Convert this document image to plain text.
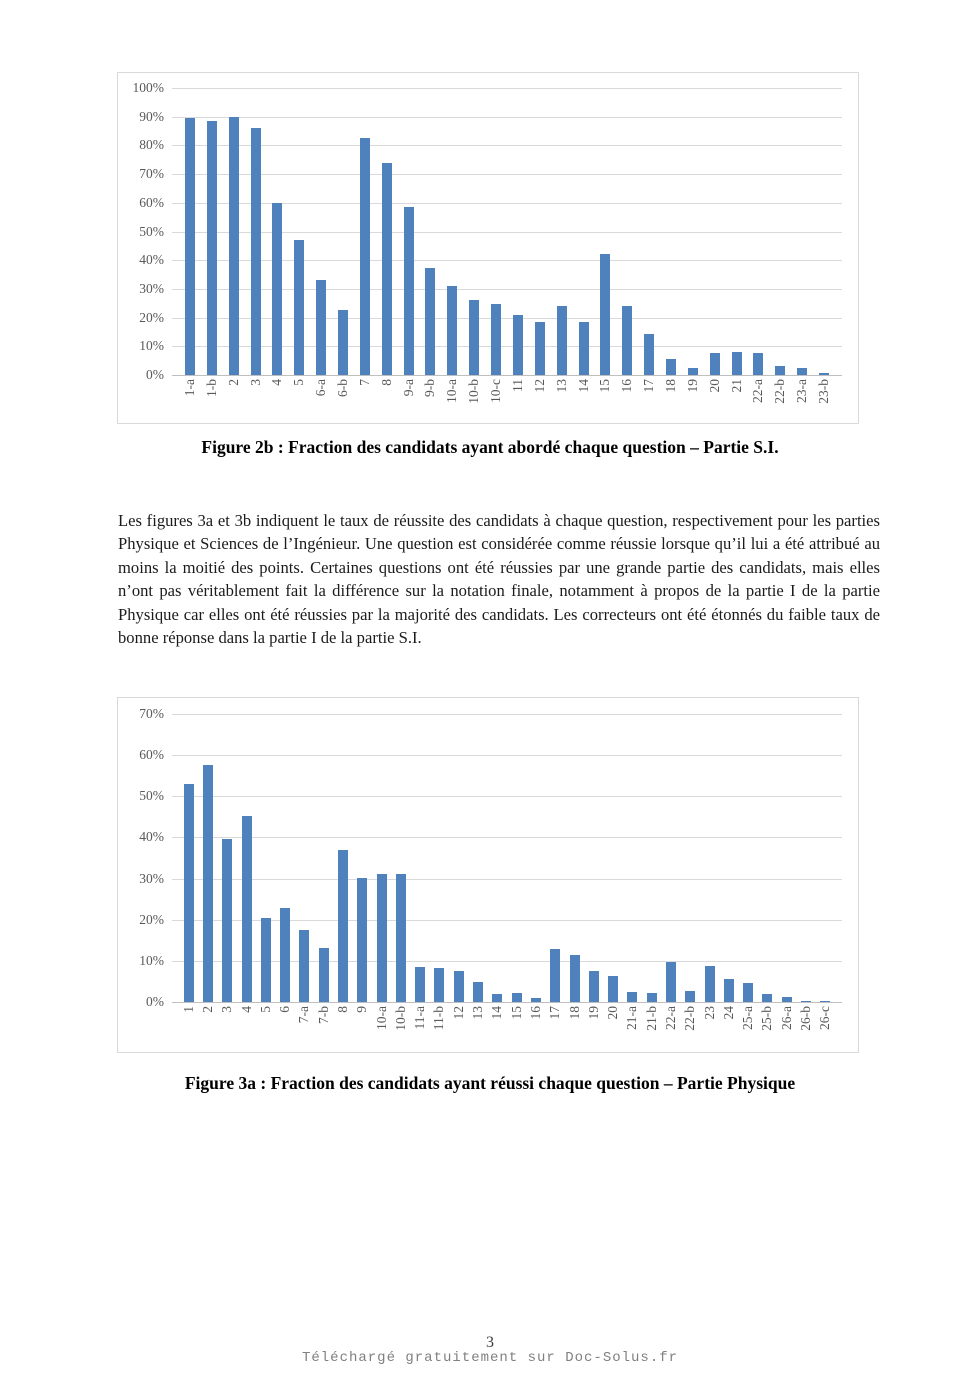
0%
10%
20%
30%
40%
50%
60%
70%
80%
90%
100%
1-a 1-b 2 3 4 5 6-a 6-b 7 8 9-a 9-b 10-a 10-b 10-c 11 12 13 14 15 16 17 18 19 20 21 22-a 22-b 23-a 23-b
Figure 2b : Fraction des candidats ayant abordé chaque question – Partie S.I.

Les figures 3a et 3b indiquent le taux de réussite des candidats à chaque question, respectivement pour les parties Physique et Sciences de l’Ingénieur. Une question est considérée comme réussie lorsque qu’il lui a été attribué au moins la moitié des points. Certaines questions ont été réussies par une grande partie des candidats, mais elles n’ont pas véritablement fait la différence sur la notation finale, notamment à propos de la partie I de la partie Physique car elles ont été réussies par la majorité des candidats. Les correcteurs ont été étonnés du faible taux de bonne réponse dans la partie I de la partie S.I.

0%
10%
20%
30%
40%
50%
60%
70%
1 2 3 4 5 6 7-a 7-b 8 9 10-a 10-b 11-a 11-b 12 13 14 15 16 17 18 19 20 21-a 21-b 22-a 22-b 23 24 25-a 25-b 26-a 26-b 26-c
Figure 3a : Fraction des candidats ayant réussi chaque question – Partie Physique
3
Téléchargé gratuitement sur Doc-Solus.fr
